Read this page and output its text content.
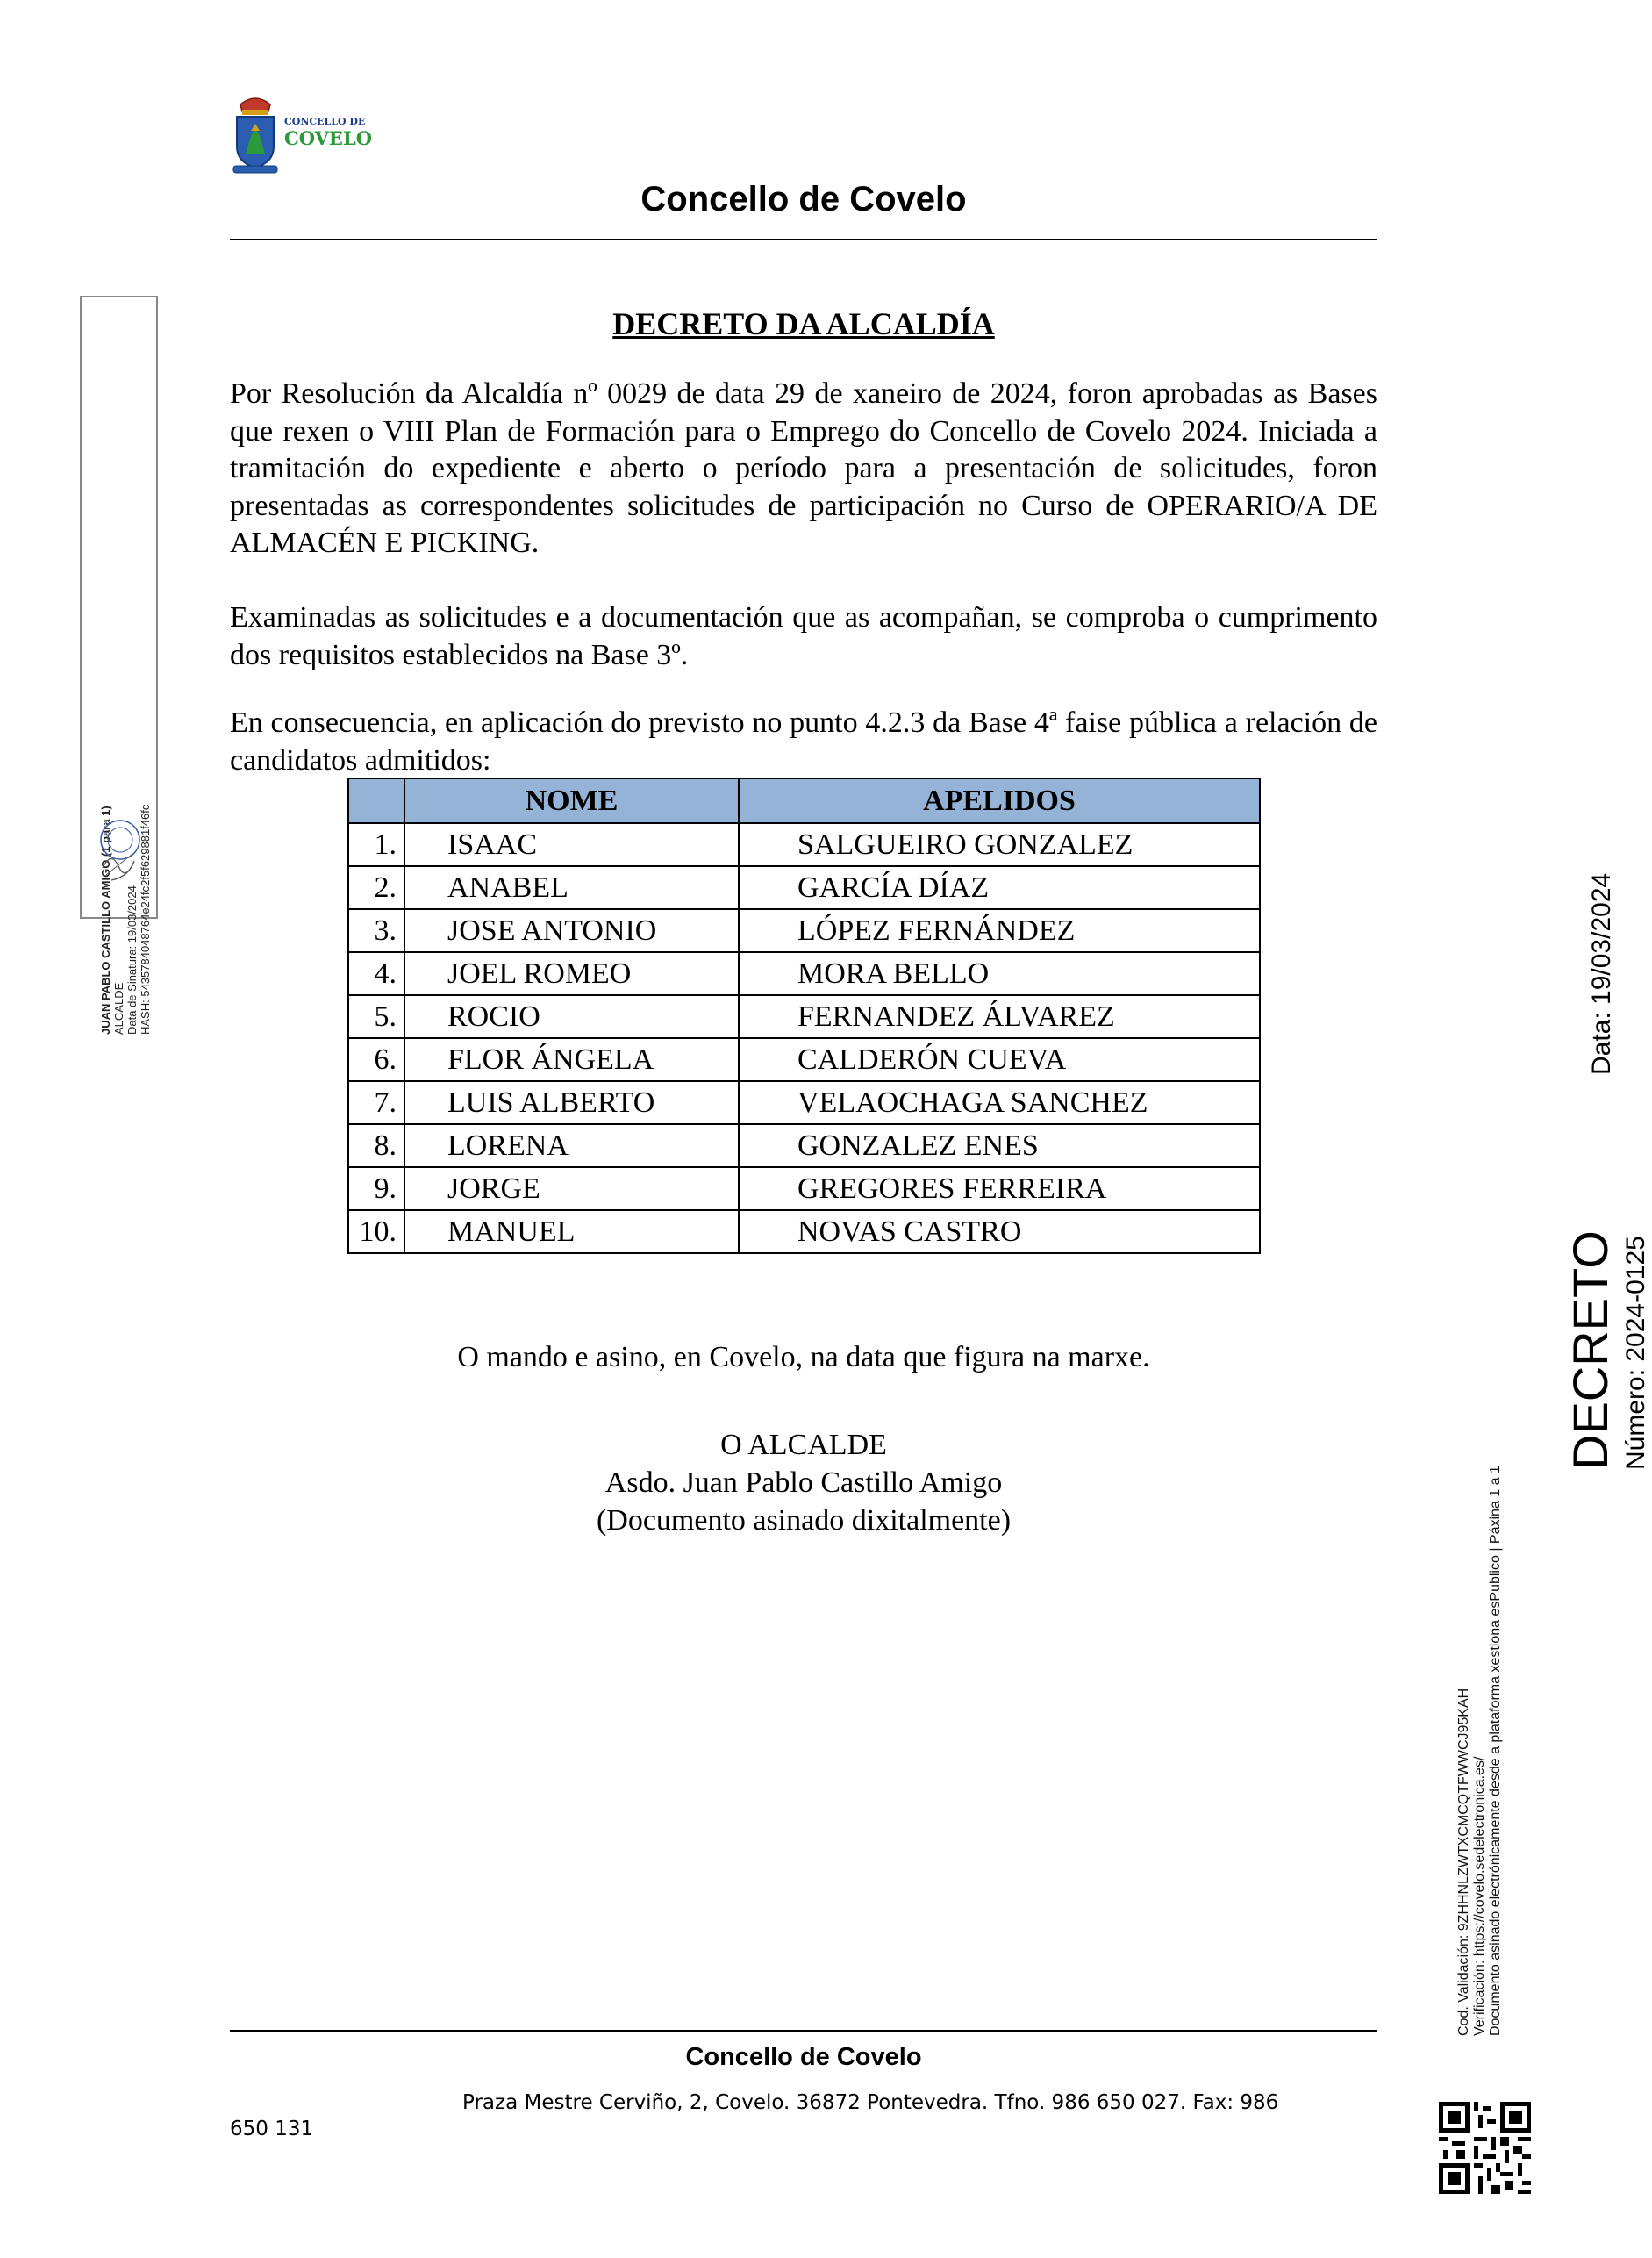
CONCELLO DE
COVELO
Concello de Covelo
JUAN PABLO CASTILLO AMIGO (1 para 1) ALCALDE Data de Sinatura: 19/03/2024 HASH: 5435784048764e24fc2f5f629881f46fc
DECRETO DA ALCALDÍA
Por Resolución da Alcaldía nº 0029 de data 29 de xaneiro de 2024, foron aprobadas as Bases que rexen o VIII Plan de Formación para o Emprego do Concello de Covelo 2024. Iniciada a tramitación do expediente e aberto o período para a presentación de solicitudes, foron presentadas as correspondentes solicitudes de participación no Curso de OPERARIO/A DE ALMACÉN E PICKING.
Examinadas as solicitudes e a documentación que as acompañan, se comproba o cumprimento dos requisitos establecidos na Base 3º.
En consecuencia, en aplicación do previsto no punto 4.2.3 da Base 4ª faise pública a relación de candidatos admitidos:
	NOME	APELIDOS
1.	ISAAC	SALGUEIRO GONZALEZ
2.	ANABEL	GARCÍA DÍAZ
3.	JOSE ANTONIO	LÓPEZ FERNÁNDEZ
4.	JOEL ROMEO	MORA BELLO
5.	ROCIO	FERNANDEZ ÁLVAREZ
6.	FLOR ÁNGELA	CALDERÓN CUEVA
7.	LUIS ALBERTO	VELAOCHAGA SANCHEZ
8.	LORENA	GONZALEZ ENES
9.	JORGE	GREGORES FERREIRA
10.	MANUEL	NOVAS CASTRO
O mando e asino, en Covelo, na data que figura na marxe.
O ALCALDE
Asdo. Juan Pablo Castillo Amigo
(Documento asinado dixitalmente)
DECRETO Número: 2024-0125
Data: 19/03/2024
Cod. Validación: 9ZHHNLZWTXCMCQTFWWCJ95KAH Verificación: https://covelo.sedelectronica.es/ Documento asinado electrónicamente desde a plataforma xestiona esPublico | Páxina 1 a 1
Concello de Covelo
Praza Mestre Cerviño, 2, Covelo. 36872 Pontevedra. Tfno. 986 650 027. Fax: 986
650 131
